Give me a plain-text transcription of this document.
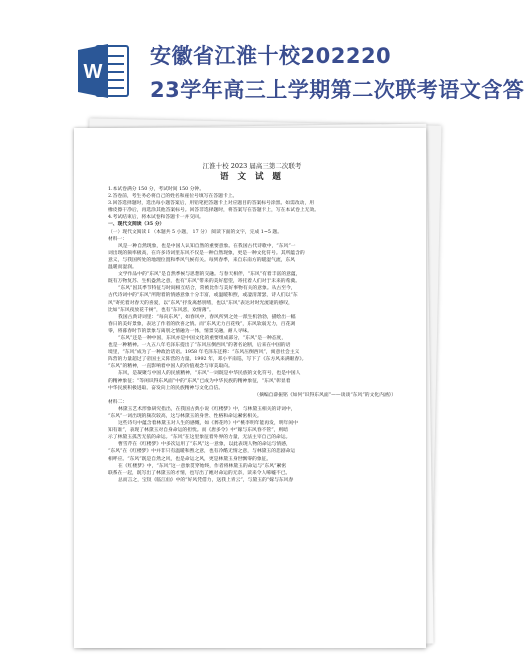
W
安徽省江淮十校202220
23学年高三上学期第二次联考语文含答
江淮十校 2023 届高三第二次联考
语 文 试 题
1.本试卷满分 150 分，考试时间 150 分钟。
2.答卷前，考生务必将自己的姓名和座位号填写在答题卡上。
3.回答选择题时，选出每小题答案后，用铅笔把答题卡上对应题目的答案标号涂黑。如需改动，用
橡皮擦干净后，再选涂其他答案标号。回答非选择题时，将答案写在答题卡上，写在本试卷上无效。
4.考试结束后，将本试卷和答题卡一并交回。
一、现代文阅读（35 分）
（一）现代文阅读 I （本题共 5 小题， 17 分） 阅读下面的文字，完成 1~5 题。
材料一：
风是一种自然现象，也是中国人认知自然的重要意象。在我国古代诗歌中，“东风”一
词出现的频率极高，在许多诗词里东风不仅是一种自然现象，更是一种文化符号。其所蕴含的
意义，与我国所处的地理位置和季风气候有关。每到春季，来自东南方的暖湿气流，东风
温暖而湿润。
文学作品中的“东风”是自然季候与思想的交融。与春天相伴，“东风”有着丰富的意蕴，
既有万物复苏、生机盎然之意，也有“东风”带来的美好愿望，寄托着人们对于未来的希冀。
“东风”因其季节特征与时间相互结合，常被比作与美好事物有关的意象。从古至今，
古代诗词中的“东风”所附着的情感意象十分丰富，或温暖和煦，或凄清萧瑟，诗人们以“东
风”寄托着对春天的喜爱，以“东风”抒发离愁别绪，也以“东风”表达对时光流逝的感叹，
比如“东风夜放花千树”，也有“东风恶，欢情薄”。
我国古典诗词里：“每向东风”，如春风中，春风所到之处一派生机勃勃，描绘出一幅
春日的美好景象，表达了作者的欣喜之情。而“东风无力百花残”，东风软弱无力，百花凋
零，将暮春时节的景象与离别之情融为一体，情景交融，耐人寻味。
“东风”还是一种中国，东风亦是中国文化的重要组成部分，“东风”是一种态度，
也是一种精神。一九五八年毛泽东提出了“东风压倒西风”的著名论断，后来在中国的语
境里，“东风”成为了一种政治话语。1958 年毛泽东还称：“东风压倒西风”，寓意社会主义
阵营的力量超过了帝国主义阵营的力量。1992 年，邓小平南巡，写下了《东方风来满眼春》。
“东风”的精神，一直影响着中国人的价值观念与审美取向。
东风，是凝聚与中国人的民族精神，“东风”一词既是中华民族的文化符号，也是中国人
的精神象征；“等闲识得东风面”中的“东风”已成为中华民族的精神象征，“东风”彰显着
中华民族积极进取、奋发向上的民族精神与文化自信。
（摘编自薛振铭《如何“识得东风面”——谈谈“东风”的文化内涵》）
材料二：
林黛玉艺术形象研究指出，在我国古典小说《红楼梦》中，与林黛玉相关的诗词中，
“东风”一词出现的频次较高，这与林黛玉的身世、性格和命运紧密相关。
这些诗句中蕴含着林黛玉对人生的感慨，如《葬花吟》中“桃李明年能再发，明年闺中
知有谁”，表现了林黛玉对自身命运的担忧。而《唐多令》中“嫁与东风春不管”，则暗
示了林黛玉孤苦无依的命运。“东风”在这里象征着外界的力量，无法主宰自己的命运。
曹雪芹在《红楼梦》中多次运用了“东风”这一意象，以此表现人物的命运与情感，
“东风”在《红楼梦》中并非只有温暖和煦之意，也有冷酷无情之意，与林黛玉的悲剧命运
相呼应。“东风”既是自然之风，也是命运之风，更是林黛玉身世飘零的象征。
在《红楼梦》中，“东风”这一意象贯穿始终，作者将林黛玉的命运与“东风”紧密
联系在一起，既写出了林黛玉的才情，也写出了她对命运的无奈，读来令人唏嘘不已。
总而言之，宝钗《临江仙》中的“好风凭借力，送我上青云”，与黛玉的“嫁与东风春
